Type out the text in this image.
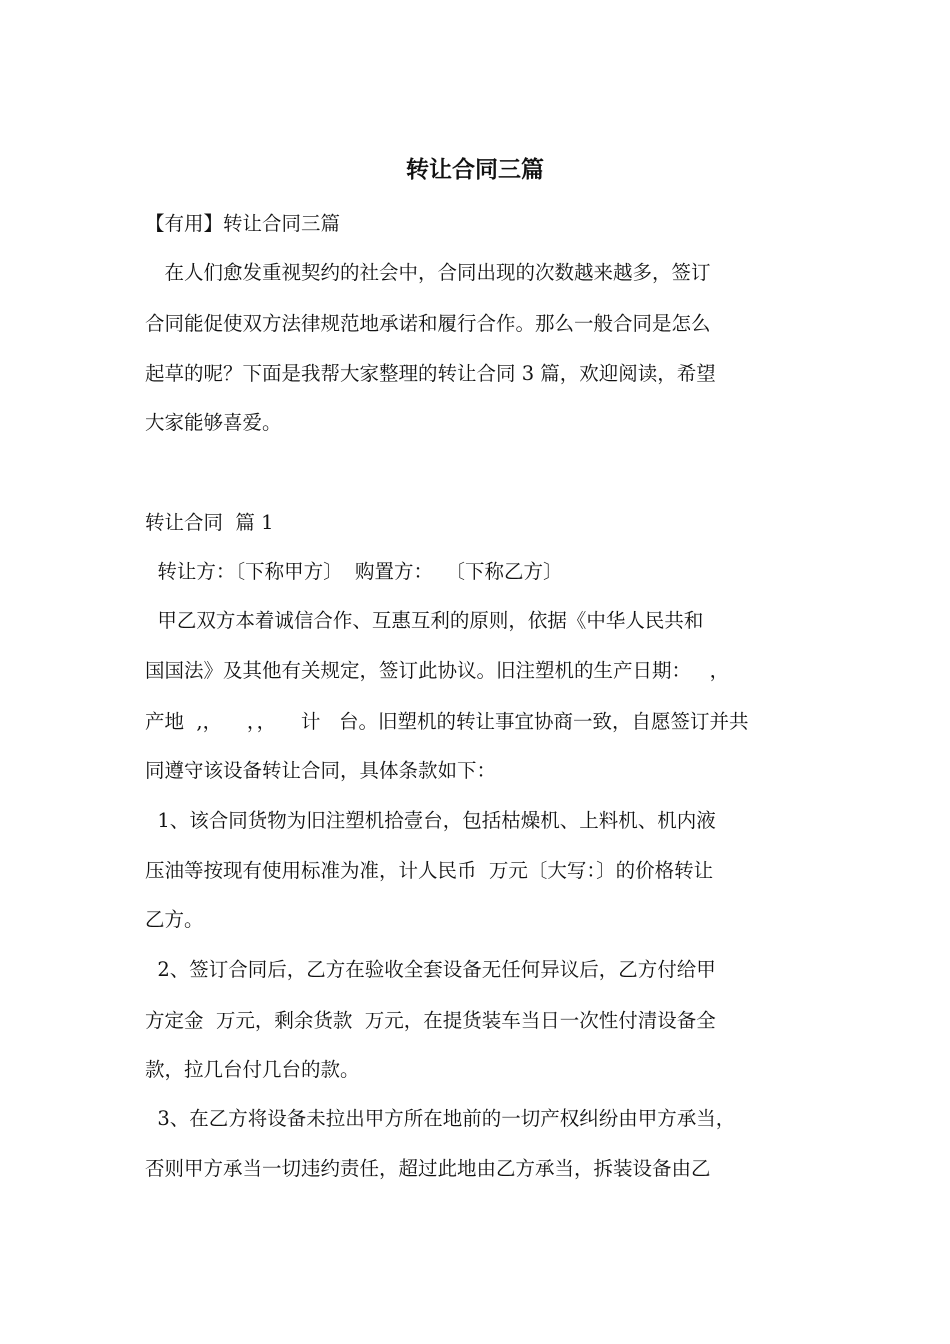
转让合同三篇
【有用】转让合同三篇
　在人们愈发重视契约的社会中，合同出现的次数越来越多，签订
合同能促使双方法律规范地承诺和履行合作。那么一般合同是怎么
起草的呢？下面是我帮大家整理的转让合同 3 篇，欢迎阅读，希望
大家能够喜爱。
转让合同  篇 1
转让方：〔下称甲方〕  购置方：  〔下称乙方〕
甲乙双方本着诚信合作、互惠互利的原则，依据《中华人民共和
国国法》及其他有关规定，签订此协议。旧注塑机的生产日期：   ，
产地  ,，    ，，    计   台。旧塑机的转让事宜协商一致，自愿签订并共
同遵守该设备转让合同，具体条款如下：
1、该合同货物为旧注塑机拾壹台，包括枯燥机、上料机、机内液
压油等按现有使用标准为准，计人民币  万元〔大写：〕的价格转让
乙方。
2、签订合同后，乙方在验收全套设备无任何异议后，乙方付给甲
方定金  万元，剩余货款  万元，在提货装车当日一次性付清设备全
款，拉几台付几台的款。
3、在乙方将设备未拉出甲方所在地前的一切产权纠纷由甲方承当，
否则甲方承当一切违约责任，超过此地由乙方承当，拆装设备由乙
